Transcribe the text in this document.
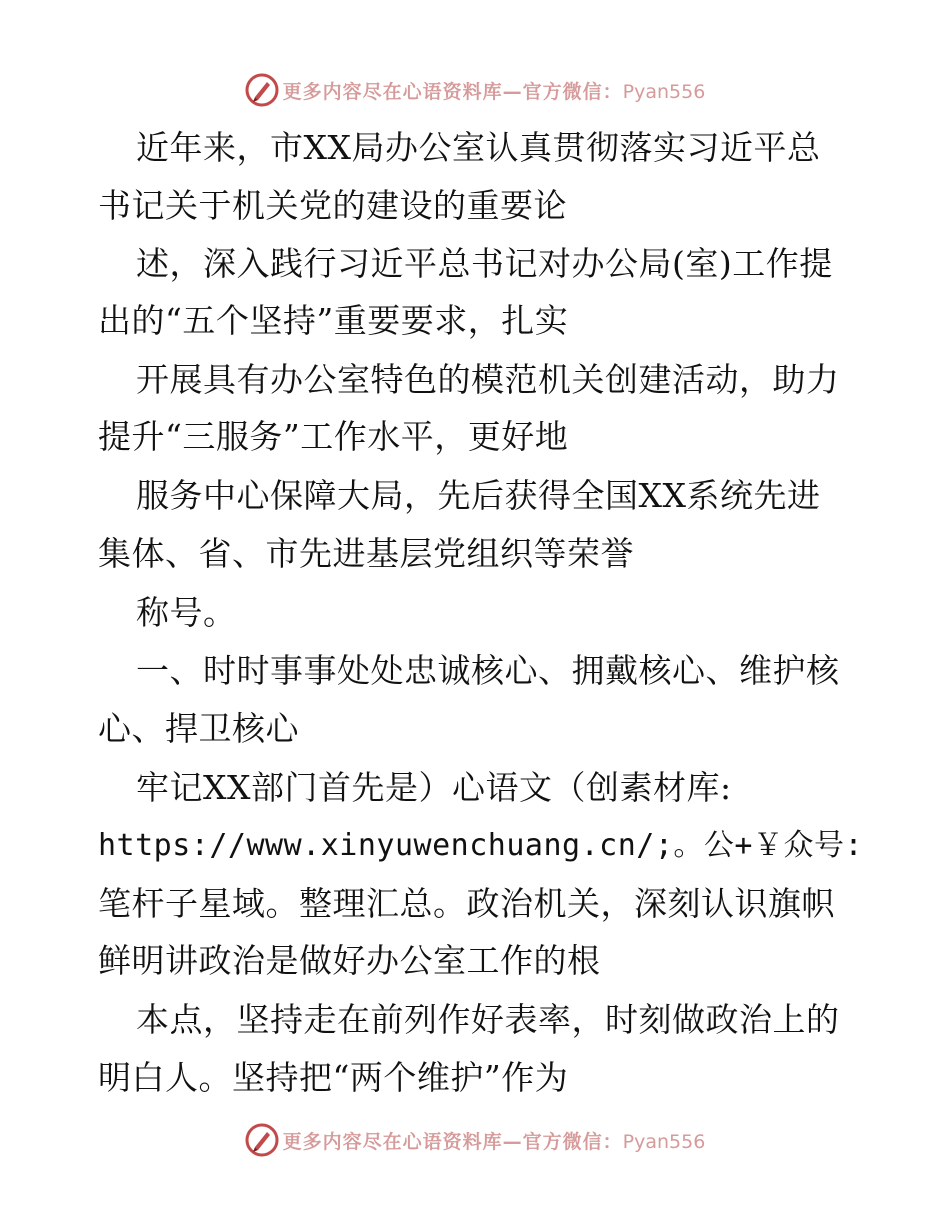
更多内容尽在心语资料库—官方微信：Pyan556
近年来，市XX局办公室认真贯彻落实习近平总
书记关于机关党的建设的重要论
述，深入践行习近平总书记对办公局(室)工作提
出的“五个坚持”重要要求，扎实
开展具有办公室特色的模范机关创建活动，助力
提升“三服务”工作水平，更好地
服务中心保障大局，先后获得全国XX系统先进
集体、省、市先进基层党组织等荣誉
称号。
一、时时事事处处忠诚核心、拥戴核心、维护核
心、捍卫核心
牢记XX部门首先是）心语文（创素材库:
https://www.xinyuwenchuang.cn/;。公+￥众号:
笔杆子星域。整理汇总。政治机关，深刻认识旗帜
鲜明讲政治是做好办公室工作的根
本点，坚持走在前列作好表率，时刻做政治上的
明白人。坚持把“两个维护”作为
更多内容尽在心语资料库—官方微信：Pyan556
